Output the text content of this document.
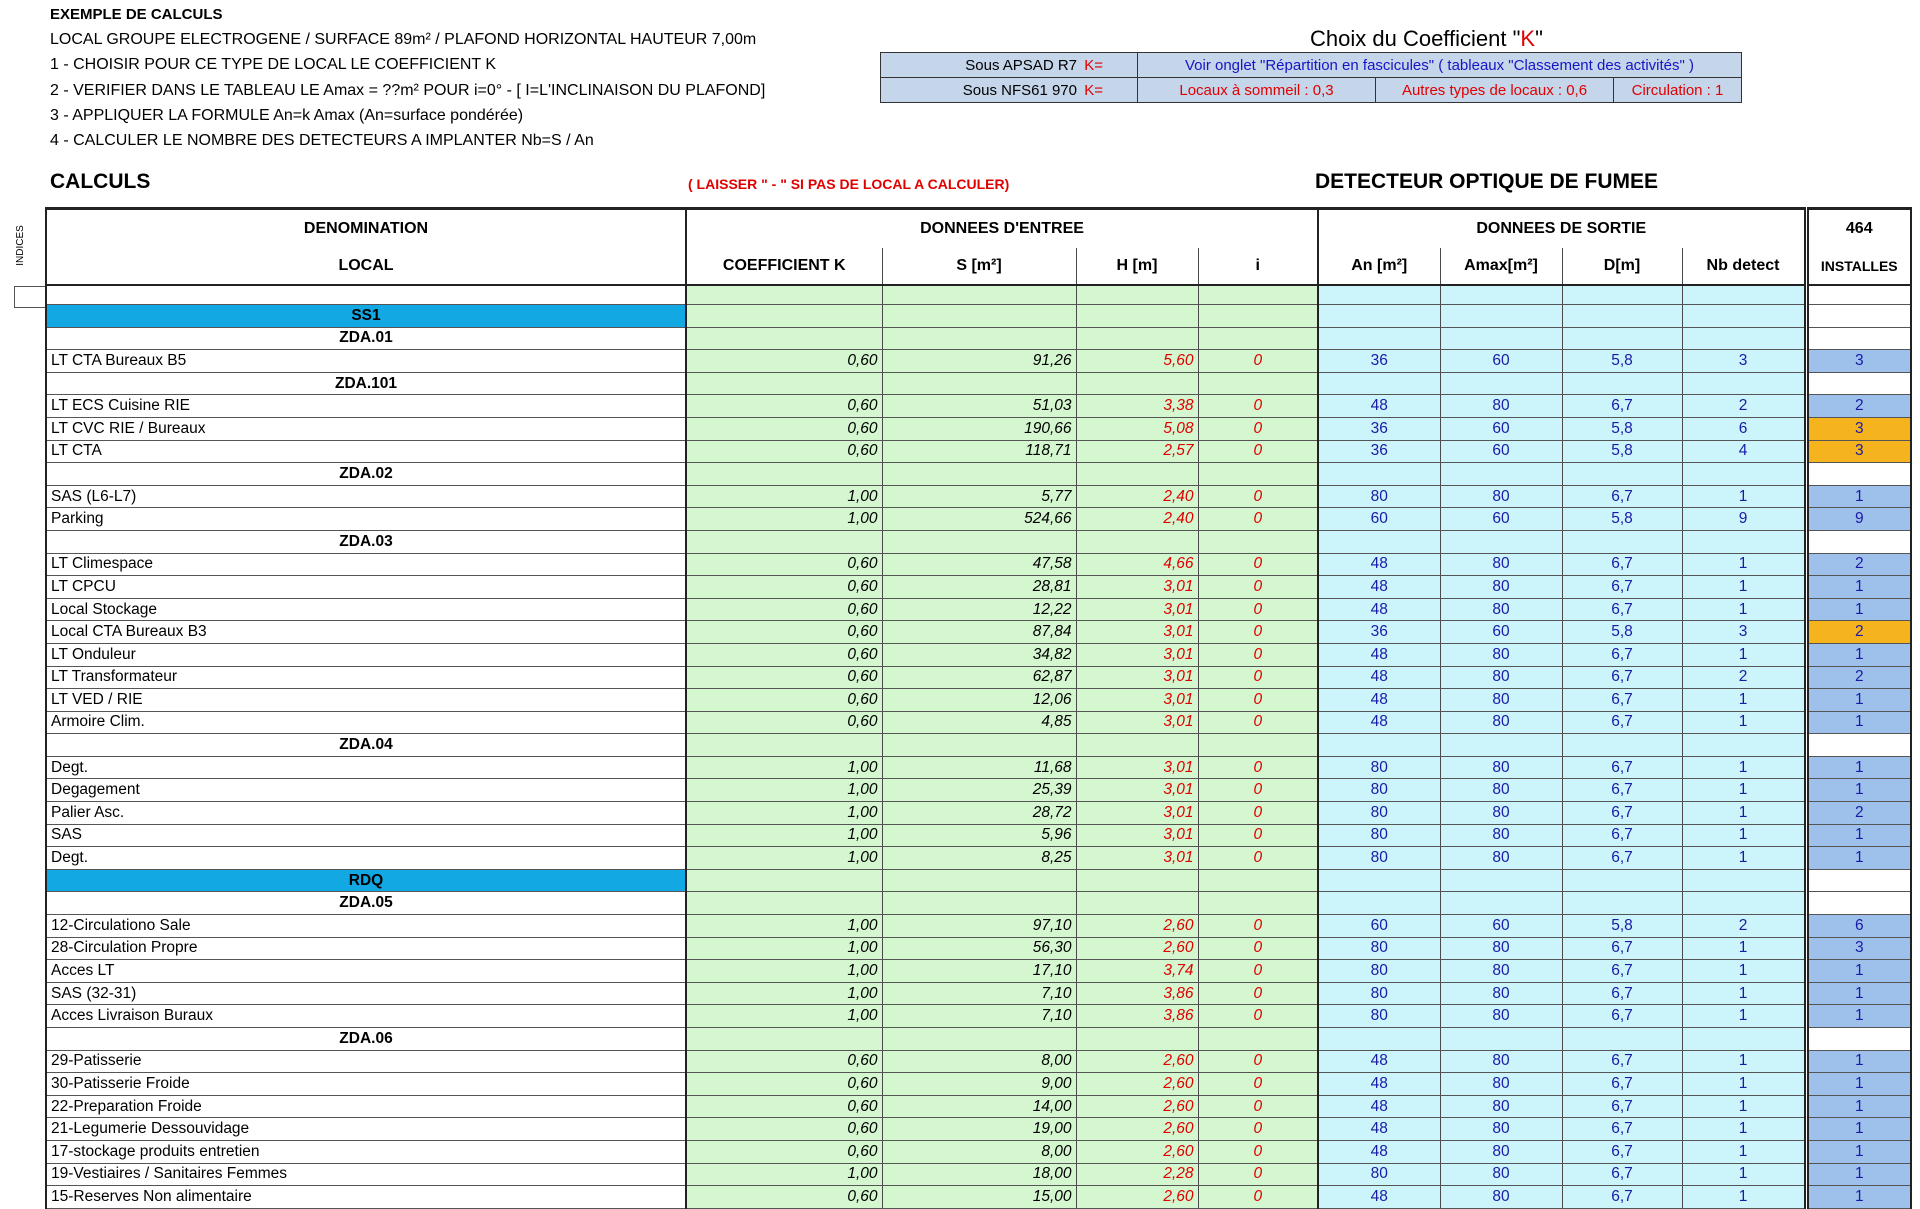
EXEMPLE DE CALCULS
LOCAL GROUPE ELECTROGENE / SURFACE 89m² / PLAFOND HORIZONTAL HAUTEUR 7,00m
1 - CHOISIR POUR CE TYPE DE LOCAL LE COEFFICIENT K
2 - VERIFIER DANS LE TABLEAU LE Amax = ??m² POUR i=0° - [ I=L'INCLINAISON DU PLAFOND]
3 - APPLIQUER LA FORMULE An=k Amax (An=surface pondérée)
4 - CALCULER LE NOMBRE DES DETECTEURS A IMPLANTER Nb=S / An
Choix du Coefficient "K"
Sous APSAD R7 K=	Voir onglet "Répartition en fascicules" ( tableaux "Classement des activités" )		
Sous NFS61 970 K=	Locaux à sommeil : 0,3	Autres types de locaux : 0,6	Circulation : 1
CALCULS	( LAISSER " - " SI PAS DE LOCAL A CALCULER)	DETECTEUR OPTIQUE DE FUMEE
INDICES	DENOMINATION	DONNEES D'ENTREE				DONNEES DE SORTIE				464
LOCAL	COEFFICIENT K	S [m²]	H [m]	i	An [m²]	Amax[m²]	D[m]	Nb detect	INSTALLES

SS1									
ZDA.01									
LT CTA Bureaux B5	0,60	91,26	5,60	0	36	60	5,8	3	3
ZDA.101									
LT ECS Cuisine RIE	0,60	51,03	3,38	0	48	80	6,7	2	2
LT CVC RIE / Bureaux	0,60	190,66	5,08	0	36	60	5,8	6	3
LT CTA	0,60	118,71	2,57	0	36	60	5,8	4	3
ZDA.02									
SAS (L6-L7)	1,00	5,77	2,40	0	80	80	6,7	1	1
Parking	1,00	524,66	2,40	0	60	60	5,8	9	9
ZDA.03									
LT Climespace	0,60	47,58	4,66	0	48	80	6,7	1	2
LT CPCU	0,60	28,81	3,01	0	48	80	6,7	1	1
Local Stockage	0,60	12,22	3,01	0	48	80	6,7	1	1
Local CTA Bureaux B3	0,60	87,84	3,01	0	36	60	5,8	3	2
LT Onduleur	0,60	34,82	3,01	0	48	80	6,7	1	1
LT Transformateur	0,60	62,87	3,01	0	48	80	6,7	2	2
LT VED / RIE	0,60	12,06	3,01	0	48	80	6,7	1	1
Armoire Clim.	0,60	4,85	3,01	0	48	80	6,7	1	1
ZDA.04									
Degt.	1,00	11,68	3,01	0	80	80	6,7	1	1
Degagement	1,00	25,39	3,01	0	80	80	6,7	1	1
Palier Asc.	1,00	28,72	3,01	0	80	80	6,7	1	2
SAS	1,00	5,96	3,01	0	80	80	6,7	1	1
Degt.	1,00	8,25	3,01	0	80	80	6,7	1	1
RDQ									
ZDA.05									
12-Circulationo Sale	1,00	97,10	2,60	0	60	60	5,8	2	6
28-Circulation Propre	1,00	56,30	2,60	0	80	80	6,7	1	3
Acces LT	1,00	17,10	3,74	0	80	80	6,7	1	1
SAS (32-31)	1,00	7,10	3,86	0	80	80	6,7	1	1
Acces Livraison Buraux	1,00	7,10	3,86	0	80	80	6,7	1	1
ZDA.06									
29-Patisserie	0,60	8,00	2,60	0	48	80	6,7	1	1
30-Patisserie Froide	0,60	9,00	2,60	0	48	80	6,7	1	1
22-Preparation Froide	0,60	14,00	2,60	0	48	80	6,7	1	1
21-Legumerie Dessouvidage	0,60	19,00	2,60	0	48	80	6,7	1	1
17-stockage produits entretien	0,60	8,00	2,60	0	48	80	6,7	1	1
19-Vestiaires / Sanitaires Femmes	1,00	18,00	2,28	0	80	80	6,7	1	1
15-Reserves Non alimentaire	0,60	15,00	2,60	0	48	80	6,7	1	1
